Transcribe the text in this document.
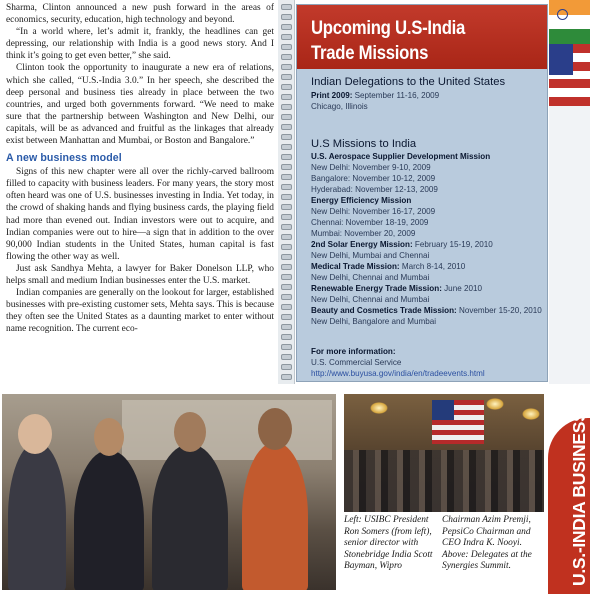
Sharma, Clinton announced a new push forward in the areas of economics, security, education, high technology and beyond.

“In a world where, let’s admit it, frankly, the headlines can get depressing, our relationship with India is a good news story. And I think it’s going to get even better,” she said.

Clinton took the opportunity to inaugurate a new era of relations, which she called, “U.S.-India 3.0.” In her speech, she described the deep personal and business ties already in place between the two countries, and urged both governments forward. “We need to make sure that the partnership between Washington and New Delhi, our capitals, will be as advanced and fruitful as the linkages that already exist between Manhattan and Mumbai, or Boston and Bangalore.”

A new business model

Signs of this new chapter were all over the richly-carved ballroom filled to capacity with business leaders. For many years, the story most often heard was one of U.S. businesses investing in India. Yet today, in the crowd of shaking hands and flying business cards, the playing field had more than evened out. Indian investors were out to acquire, and Indian companies were out to hire—a sign that in addition to the over 90,000 Indian students in the United States, human capital is fast flowing the other way as well.

Just ask Sandhya Mehta, a lawyer for Baker Donelson LLP, who helps small and medium Indian businesses enter the U.S. market.

Indian companies are generally on the lookout for larger, established businesses with pre-existing customer sets, Mehta says. This is because they often see the United States as a daunting market to enter without name recognition. The current eco-

Upcoming U.S-India
Trade Missions
Indian Delegations to the United States
Print 2009: September 11-16, 2009
Chicago, Illinois
U.S Missions to India
U.S. Aerospace Supplier Development Mission
New Delhi: November 9-10, 2009
Bangalore: November 10-12, 2009
Hyderabad: November 12-13, 2009
Energy Efficiency Mission
New Delhi: November 16-17, 2009
Chennai: November 18-19, 2009
Mumbai: November 20, 2009
2nd Solar Energy Mission: February 15-19, 2010
New Delhi, Mumbai and Chennai
Medical Trade Mission: March 8-14, 2010
New Delhi, Chennai and Mumbai
Renewable Energy Trade Mission: June 2010
New Delhi, Chennai and Mumbai
Beauty and Cosmetics Trade Mission: November 15-20, 2010
New Delhi, Bangalore and Mumbai
For more information:
U.S. Commercial Service
http://www.buyusa.gov/india/en/tradeevents.html
Left: USIBC President Ron Somers (from left), senior director with Stonebridge India Scott Bayman, Wipro
Chairman Azim Premji, PepsiCo Chairman and CEO Indra K. Nooyi. Above: Delegates at the Synergies Summit.	U.S.-INDIA BUSINESS
